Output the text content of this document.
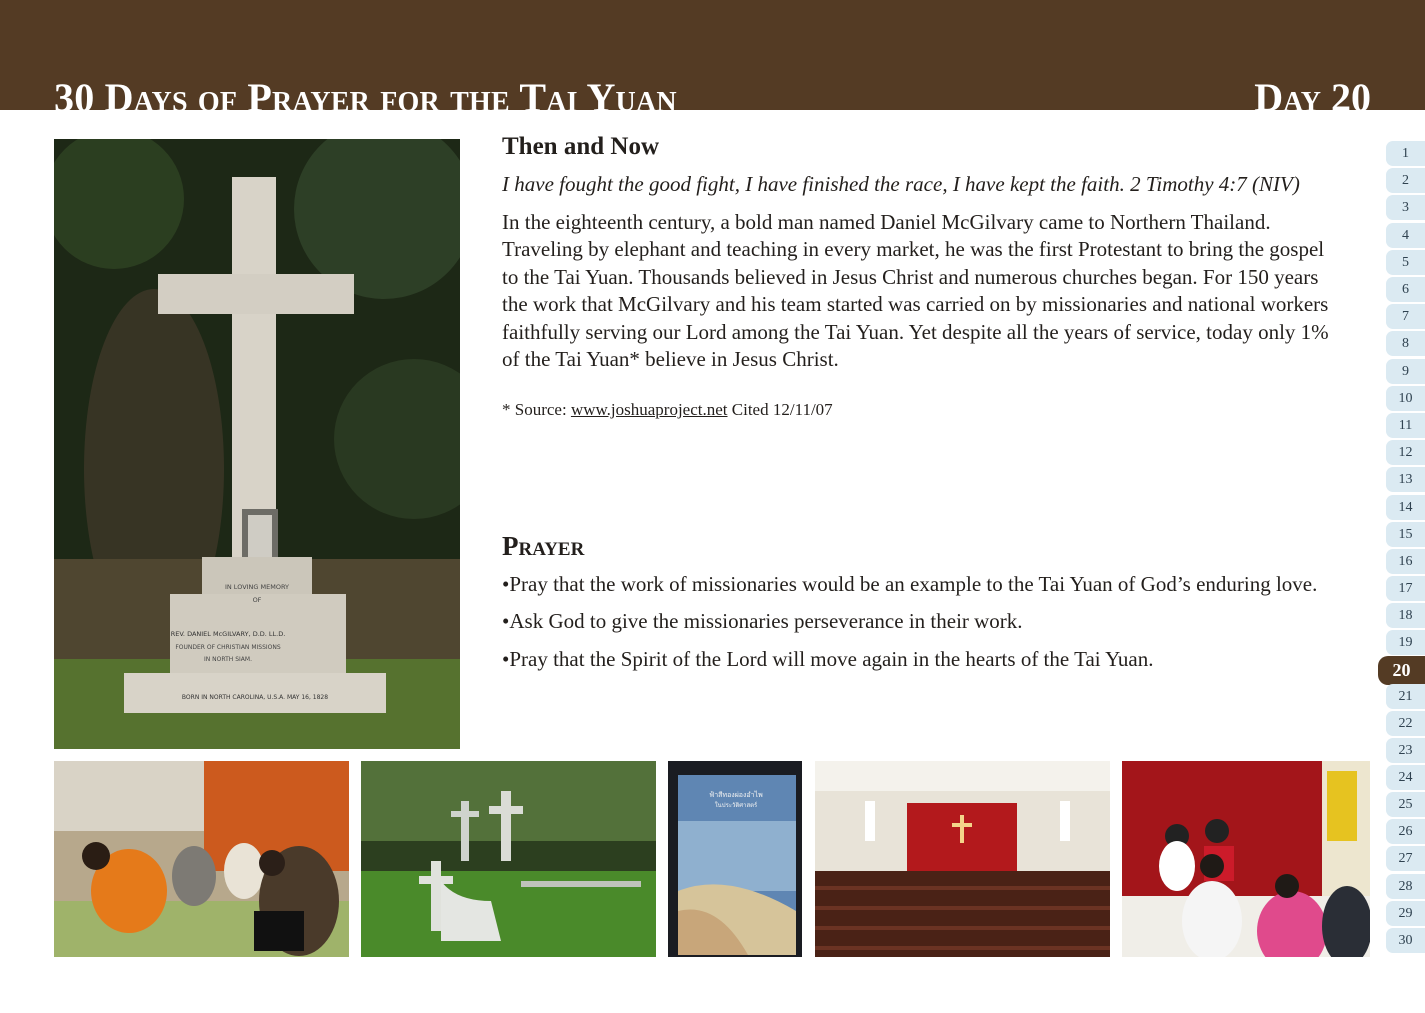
30 Days of Prayer for the Tai Yuan	Day 20
IN LOVING MEMORY
OF
REV. DANIEL McGILVARY, D.D. LL.D.
FOUNDER OF CHRISTIAN MISSIONS
IN NORTH SIAM.
BORN IN NORTH CAROLINA, U.S.A. MAY 16, 1828
Then and Now
I have fought the good fight, I have finished the race, I have kept the faith. 2 Timothy 4:7 (NIV)
In the eighteenth century, a bold man named Daniel McGilvary came to Northern Thailand.
Traveling by elephant and teaching in every market, he was the first Protestant to bring the gospel
to the Tai Yuan. Thousands believed in Jesus Christ and numerous churches began. For 150 years
the work that McGilvary and his team started was carried on by missionaries and national workers
faithfully serving our Lord among the Tai Yuan. Yet despite all the years of service, today only 1%
of the Tai Yuan* believe in Jesus Christ.
* Source: www.joshuaproject.net Cited 12/11/07
Prayer
•Pray that the work of missionaries would be an example to the Tai Yuan of God’s enduring love.
•Ask God to give the missionaries perseverance in their work.
•Pray that the Spirit of the Lord will move again in the hearts of the Tai Yuan.
1
2
3
4
5
6
7
8
9
10
11
12
13
14
15
16
17
18
19
20
21
22
23
24
25
26
27
28
29
30
ฟ้าสีทองผ่องอำไพ
ในประวัติศาสตร์
